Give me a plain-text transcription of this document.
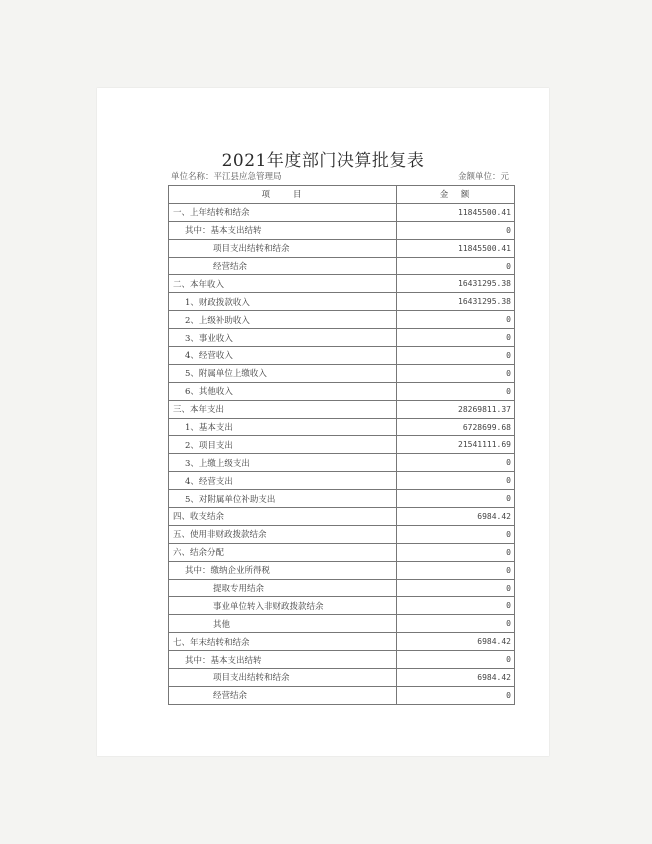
2021年度部门决算批复表
单位名称：平江县应急管理局	金额单位：元
项　　目	金　额
一、上年结转和结余	11845500.41
其中：基本支出结转	0
项目支出结转和结余	11845500.41
经营结余	0
二、本年收入	16431295.38
1、财政拨款收入	16431295.38
2、上级补助收入	0
3、事业收入	0
4、经营收入	0
5、附属单位上缴收入	0
6、其他收入	0
三、本年支出	28269811.37
1、基本支出	6728699.68
2、项目支出	21541111.69
3、上缴上级支出	0
4、经营支出	0
5、对附属单位补助支出	0
四、收支结余	6984.42
五、使用非财政拨款结余	0
六、结余分配	0
其中：缴纳企业所得税	0
提取专用结余	0
事业单位转入非财政拨款结余	0
其他	0
七、年末结转和结余	6984.42
其中：基本支出结转	0
项目支出结转和结余	6984.42
经营结余	0
